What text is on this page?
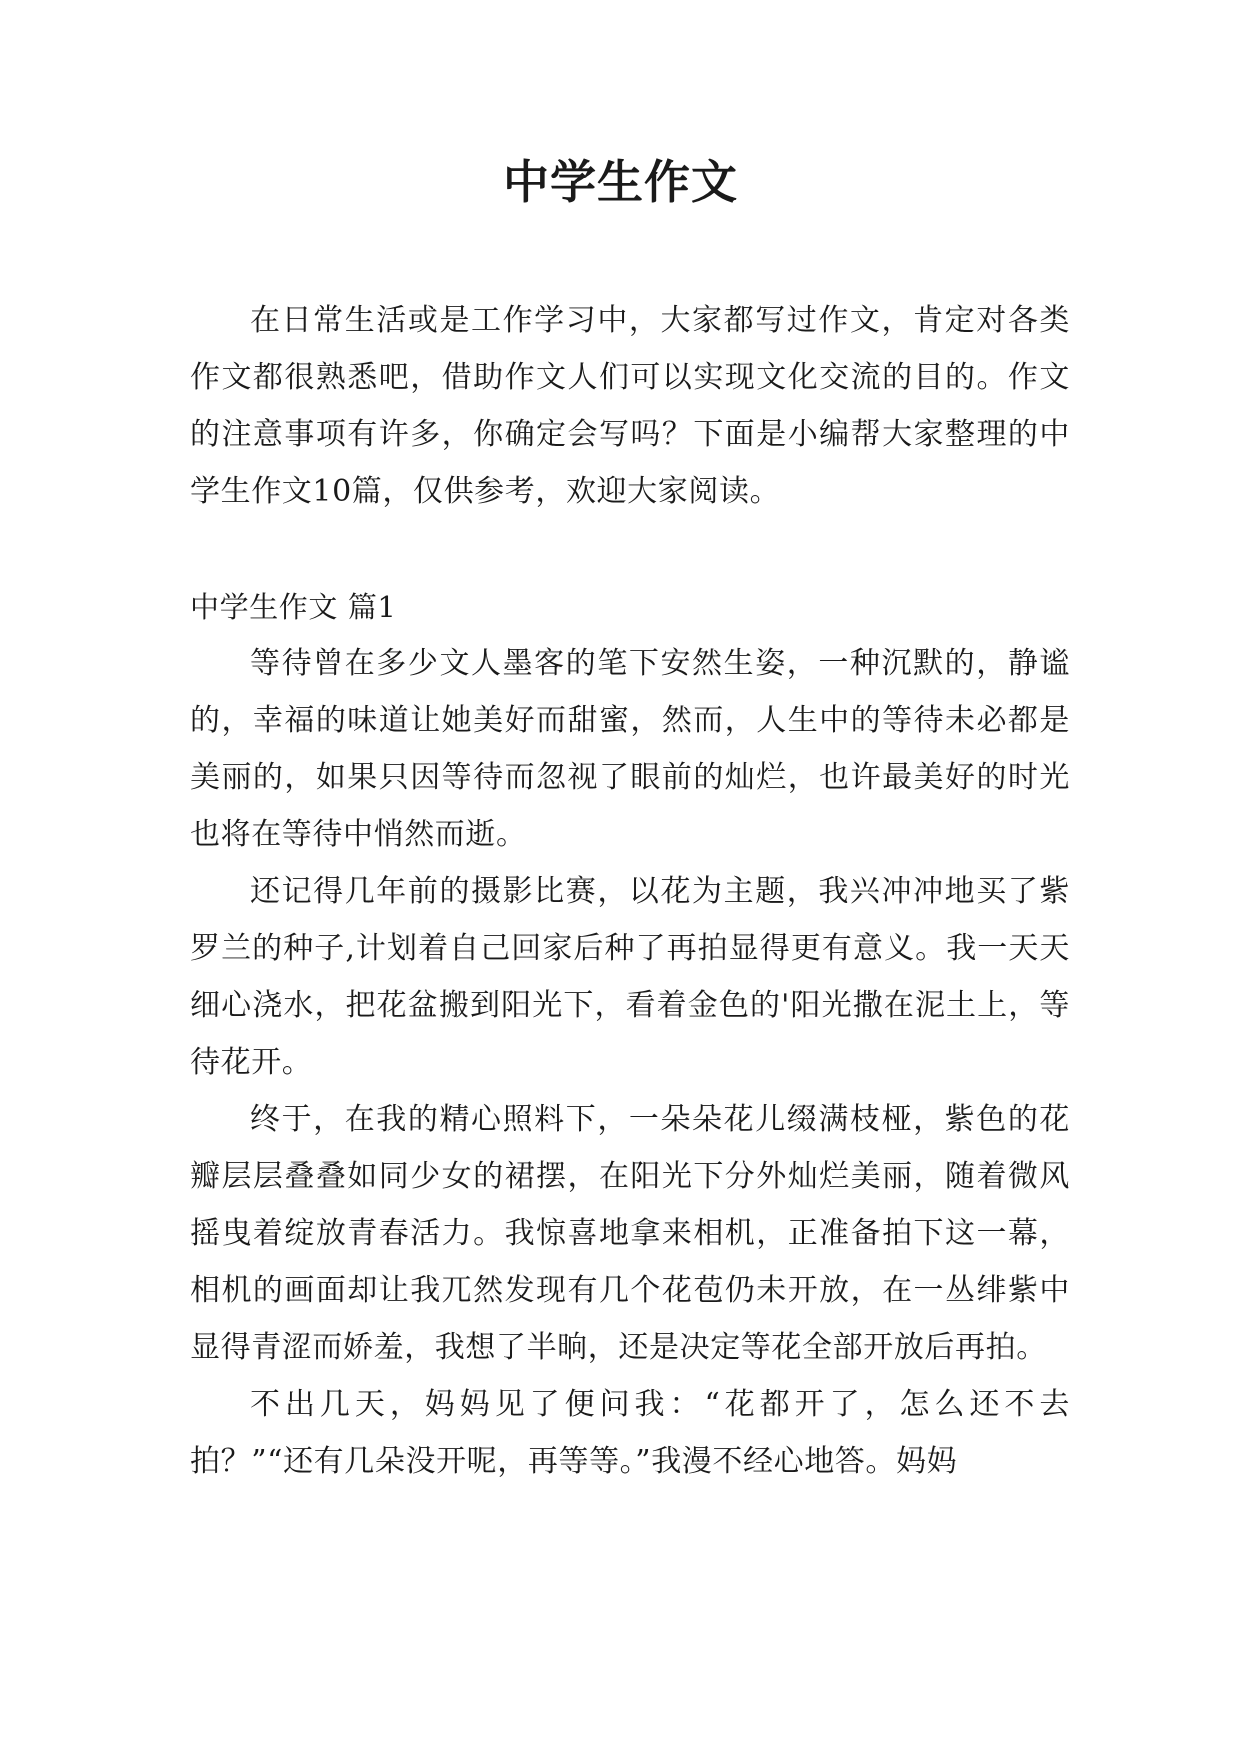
中学生作文

在日常生活或是工作学习中，大家都写过作文，肯定对各类作文都很熟悉吧，借助作文人们可以实现文化交流的目的。作文的注意事项有许多，你确定会写吗？下面是小编帮大家整理的中学生作文10篇，仅供参考，欢迎大家阅读。

中学生作文 篇1

等待曾在多少文人墨客的笔下安然生姿，一种沉默的，静谧的，幸福的味道让她美好而甜蜜，然而，人生中的等待未必都是美丽的，如果只因等待而忽视了眼前的灿烂，也许最美好的时光也将在等待中悄然而逝。

还记得几年前的摄影比赛，以花为主题，我兴冲冲地买了紫罗兰的种子,计划着自己回家后种了再拍显得更有意义。我一天天细心浇水，把花盆搬到阳光下，看着金色的'阳光撒在泥土上，等待花开。

终于，在我的精心照料下，一朵朵花儿缀满枝桠，紫色的花瓣层层叠叠如同少女的裙摆，在阳光下分外灿烂美丽，随着微风摇曳着绽放青春活力。我惊喜地拿来相机，正准备拍下这一幕，相机的画面却让我兀然发现有几个花苞仍未开放，在一丛绯紫中显得青涩而娇羞，我想了半晌，还是决定等花全部开放后再拍。

不出几天，妈妈见了便问我：“花都开了，怎么还不去拍？”“还有几朵没开呢，再等等。”我漫不经心地答。妈妈
